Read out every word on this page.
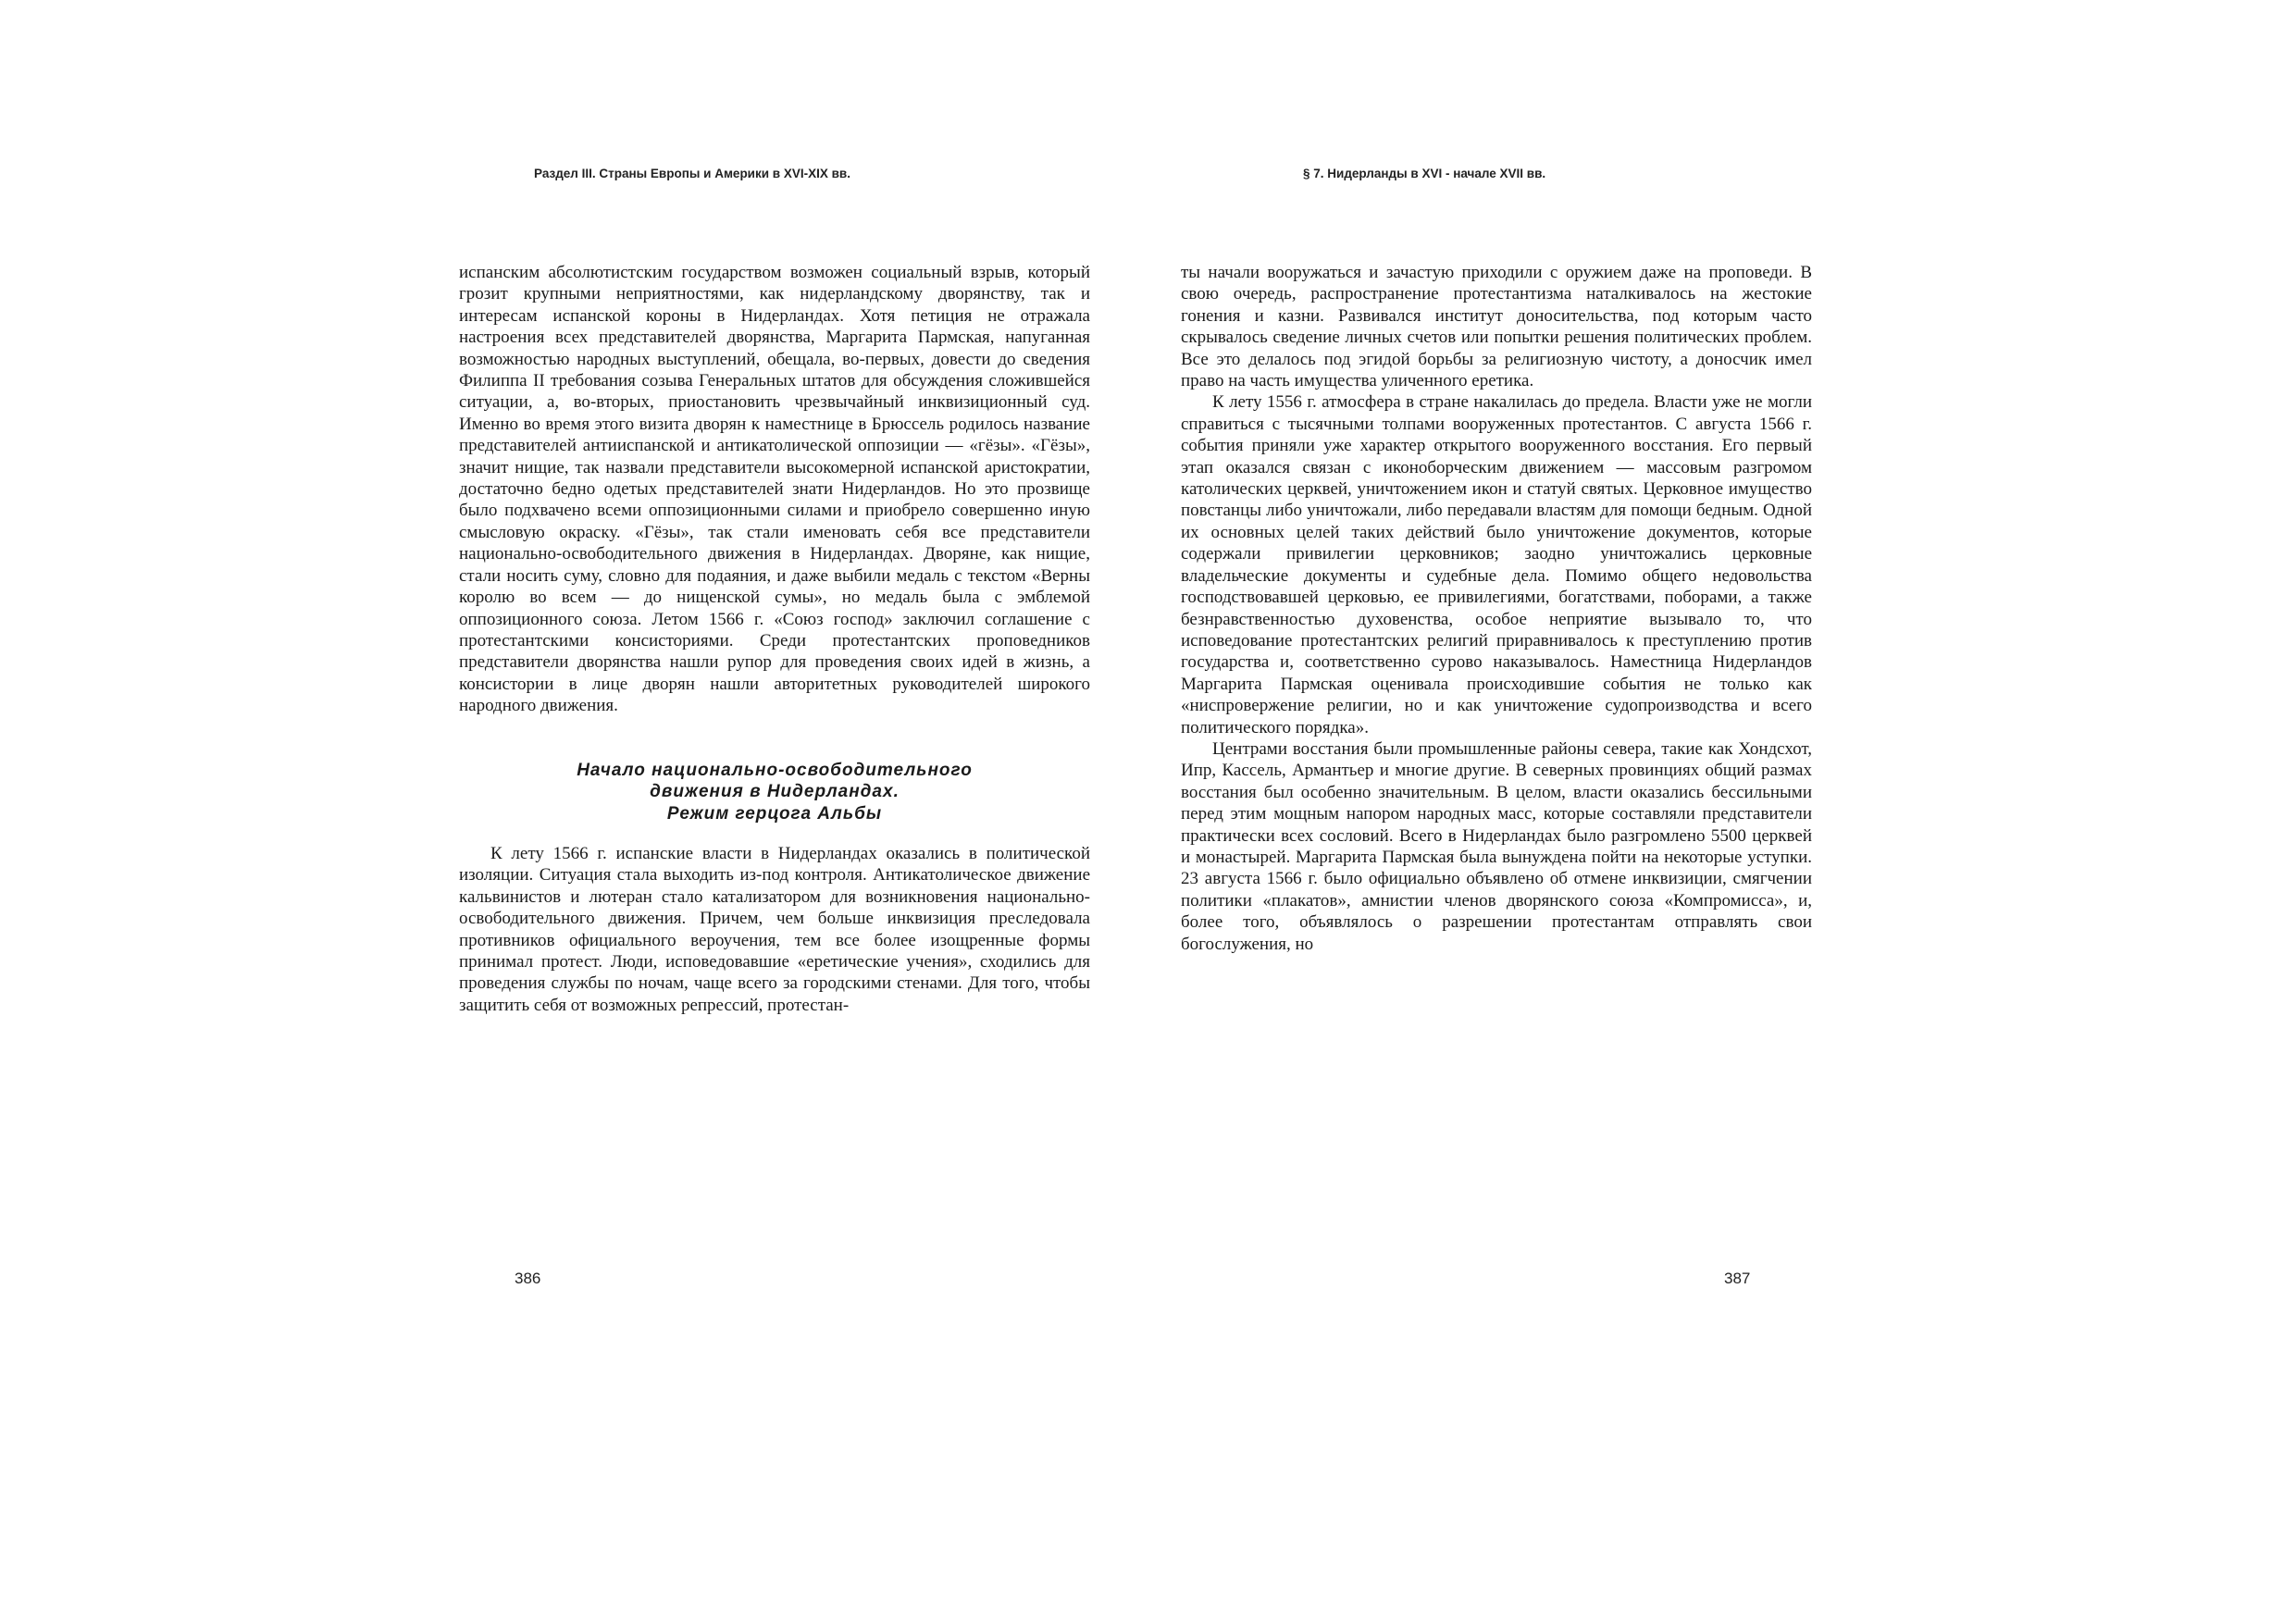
Раздел III. Страны Европы и Америки в XVI-XIX вв.

испанским абсолютистским государством возможен социальный взрыв, который грозит крупными неприятностями, как нидерландскому дворянству, так и интересам испанской короны в Нидерландах. Хотя петиция не отражала настроения всех представителей дворянства, Маргарита Пармская, напуганная возможностью народных выступлений, обещала, во-первых, довести до сведения Филиппа II требования созыва Генеральных штатов для обсуждения сложившейся ситуации, а, во-вторых, приостановить чрезвычайный инквизиционный суд. Именно во время этого визита дворян к наместнице в Брюссель родилось название представителей антииспанской и антикатолической оппозиции — «гёзы». «Гёзы», значит нищие, так назвали представители высокомерной испанской аристократии, достаточно бедно одетых представителей знати Нидерландов. Но это прозвище было подхвачено всеми оппозиционными силами и приобрело совершенно иную смысловую окраску. «Гёзы», так стали именовать себя все представители национально-освободительного движения в Нидерландах. Дворяне, как нищие, стали носить суму, словно для подаяния, и даже выбили медаль с текстом «Верны королю во всем — до нищенской сумы», но медаль была с эмблемой оппозиционного союза. Летом 1566 г. «Союз господ» заключил соглашение с протестантскими консисториями. Среди протестантских проповедников представители дворянства нашли рупор для проведения своих идей в жизнь, а консистории в лице дворян нашли авторитетных руководителей широкого народного движения.

Начало национально-освободительного
движения в Нидерландах.
Режим герцога Альбы

К лету 1566 г. испанские власти в Нидерландах оказались в политической изоляции. Ситуация стала выходить из-под контроля. Антикатолическое движение кальвинистов и лютеран стало катализатором для возникновения национально-освободительного движения. Причем, чем больше инквизиция преследовала противников официального вероучения, тем все более изощренные формы принимал протест. Люди, исповедовавшие «еретические учения», сходились для проведения службы по ночам, чаще всего за городскими стенами. Для того, чтобы защитить себя от возможных репрессий, протестан-

386
§ 7. Нидерланды в XVI - начале XVII вв.

ты начали вооружаться и зачастую приходили с оружием даже на проповеди. В свою очередь, распространение протестантизма наталкивалось на жестокие гонения и казни. Развивался институт доносительства, под которым часто скрывалось сведение личных счетов или попытки решения политических проблем. Все это делалось под эгидой борьбы за религиозную чистоту, а доносчик имел право на часть имущества уличенного еретика.

К лету 1556 г. атмосфера в стране накалилась до предела. Власти уже не могли справиться с тысячными толпами вооруженных протестантов. С августа 1566 г. события приняли уже характер открытого вооруженного восстания. Его первый этап оказался связан с иконоборческим движением — массовым разгромом католических церквей, уничтожением икон и статуй святых. Церковное имущество повстанцы либо уничтожали, либо передавали властям для помощи бедным. Одной их основных целей таких действий было уничтожение документов, которые содержали привилегии церковников; заодно уничтожались церковные владельческие документы и судебные дела. Помимо общего недовольства господствовавшей церковью, ее привилегиями, богатствами, поборами, а также безнравственностью духовенства, особое неприятие вызывало то, что исповедование протестантских религий приравнивалось к преступлению против государства и, соответственно сурово наказывалось. Наместница Нидерландов Маргарита Пармская оценивала происходившие события не только как «ниспровержение религии, но и как уничтожение судопроизводства и всего политического порядка».

Центрами восстания были промышленные районы севера, такие как Хондсхот, Ипр, Кассель, Армантьер и многие другие. В северных провинциях общий размах восстания был особенно значительным. В целом, власти оказались бессильными перед этим мощным напором народных масс, которые составляли представители практически всех сословий. Всего в Нидерландах было разгромлено 5500 церквей и монастырей. Маргарита Пармская была вынуждена пойти на некоторые уступки. 23 августа 1566 г. было официально объявлено об отмене инквизиции, смягчении политики «плакатов», амнистии членов дворянского союза «Компромисса», и, более того, объявлялось о разрешении протестантам отправлять свои богослужения, но

387
